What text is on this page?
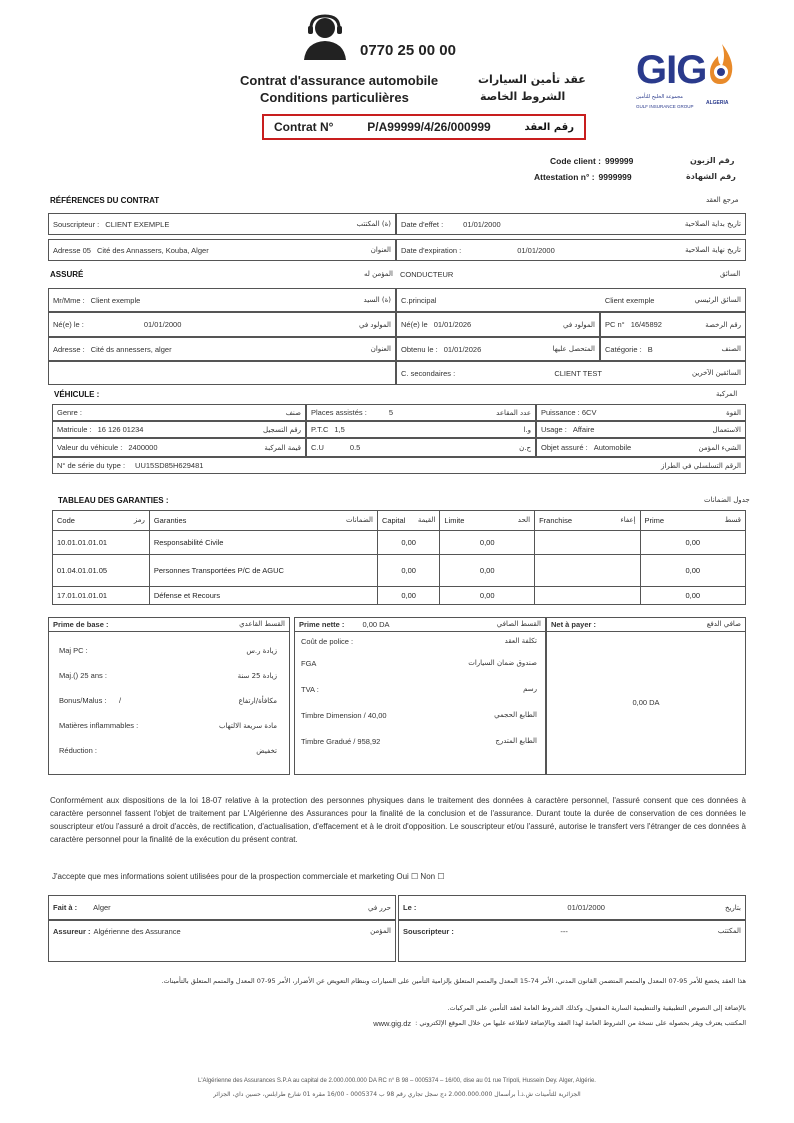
0770 25 00 00
Contrat d'assurance automobile
Conditions particulières
عقد تأمين السيارات
الشروط الخاصة
Contrat N°	P/A99999/4/26/000999	رقم العقد
GIG
مجموعة الخليج للتأمين
GULF INSURANCE GROUP
ALGERIA
Code client : 999999	رقم الزبون
Attestation n° : 9999999	رقم الشهادة
RÉFÉRENCES DU CONTRAT	مرجع العقد
Souscripteur : CLIENT EXEMPLE	(ة) المكتتب Date d'effet :	01/01/2000	تاريخ بداية الصلاحية
Adresse 05 Cité des Annassers, Kouba, Alger	العنوان Date d'expiration :	01/01/2000	تاريخ نهاية الصلاحية
ASSURÉ	المؤمن له CONDUCTEUR	السائق
Mr/Mme : Client exemple	(ة) السيد C.principal	Client exemple	السائق الرئيسي
Né(e) le :	01/01/2000	المولود في Né(e) le 01/01/2026	المولود في PC n° 16/45892	رقم الرخصة
Adresse : Cité ds annessers, alger	العنوان Obtenu le : 01/01/2026	المتحصل عليها Catégorie : B	الصنف
C. secondaires :	CLIENT TEST	السائقين الآخرين
VÉHICULE :	المركبة
Genre :	صنف Places assistés :	5	عدد المقاعد Puissance : 6CV	القوة
Matricule : 16 126 01234	رقم التسجيل P.T.C 1,5	و.ا Usage : Affaire	الاستعمال
Valeur du véhicule : 2400000	قيمة المركبة C.U	0.5	ح.ن Objet assuré : Automobile	الشيء المؤمن
N° de série du type : UU15SD85H629481	الرقم التسلسلي في الطراز
TABLEAU DES GARANTIES :	جدول الضمانات
Code رمز	Garanties الضمانات	Capital القيمة	Limite الحد	Franchise إعفاء	Prime قسط

10.01.01.01.01	Responsabilité Civile	0,00	0,00		0,00
01.04.01.01.05	Personnes Transportées P/C de AGUC	0,00	0,00		0,00
17.01.01.01.01	Défense et Recours	0,00	0,00		0,00
Prime de base :	القسط القاعدي
Maj PC :	زيادة ر.س
Maj.() 25 ans :	زيادة 25 سنة
Bonus/Malus :      /	مكافأة/ارتفاع
Matières inflammables :	مادة سريعة الالتهاب
Réduction :	تخفيض
Prime nette : 0,00 DA	القسط الصافي
Coût de police :	تكلفة العقد
FGA	صندوق ضمان السيارات
TVA :	رسم
Timbre Dimension / 40,00	الطابع الحجمي
Timbre Gradué / 958,92	الطابع المتدرج
Net à payer :	صافي الدفع
0,00 DA
Conformément aux dispositions de la loi 18-07 relative à la protection des personnes physiques dans le traitement des données à caractère personnel, l'assuré consent que ces données à caractère personnel fassent l'objet de traitement par L'Algérienne des Assurances pour la finalité de la conclusion et de l'assurance. Durant toute la durée de conservation de ces données le souscripteur et/ou l'assuré a droit d'accès, de rectification, d'actualisation, d'effacement et à le droit d'opposition. Le souscripteur et/ou l'assuré, autorise le transfert vers l'étranger de ces données à caractère personnel pour la finalité de la exécution du présent contrat.
J'accepte que mes informations soient utilisées pour de la prospection commerciale et marketing Oui ☐ Non ☐
Fait à : Alger	حرر في Le :	01/01/2000	بتاريخ
Assureur : Algérienne des Assurance	المؤمن Souscripteur :	---	المكتتب
هذا العقد يخضع للأمر 95-07 المعدل والمتمم المتضمن القانون المدني، الأمر 74-15 المعدل والمتمم المتعلق بإلزامية التأمين على السيارات وبنظام التعويض عن الأضرار، الأمر 95-07 المعدل والمتمم المتعلق بالتأمينات.
بالإضافة إلى النصوص التطبيقية والتنظيمية السارية المفعول، وكذلك الشروط العامة لعقد التأمين على المركبات.
المكتتب يعترف ويقر بحصوله على نسخة من الشروط العامة لهذا العقد وبالإضافة لاطلاعه عليها من خلال الموقع الإلكتروني :
www.gig.dz
L'Algérienne des Assurances S.P.A au capital de 2.000.000.000 DA RC n° B 98 – 0005374 – 16/00, dise au 01 rue Tripoli, Hussein Dey. Alger, Algérie.
الجزائرية للتأمينات ش.ذ.أ برأسمال 2.000.000.000 دج سجل تجاري رقم 98 ب 0005374 - 16/00 مقره 01 شارع طرابلس، حسين داي، الجزائر
